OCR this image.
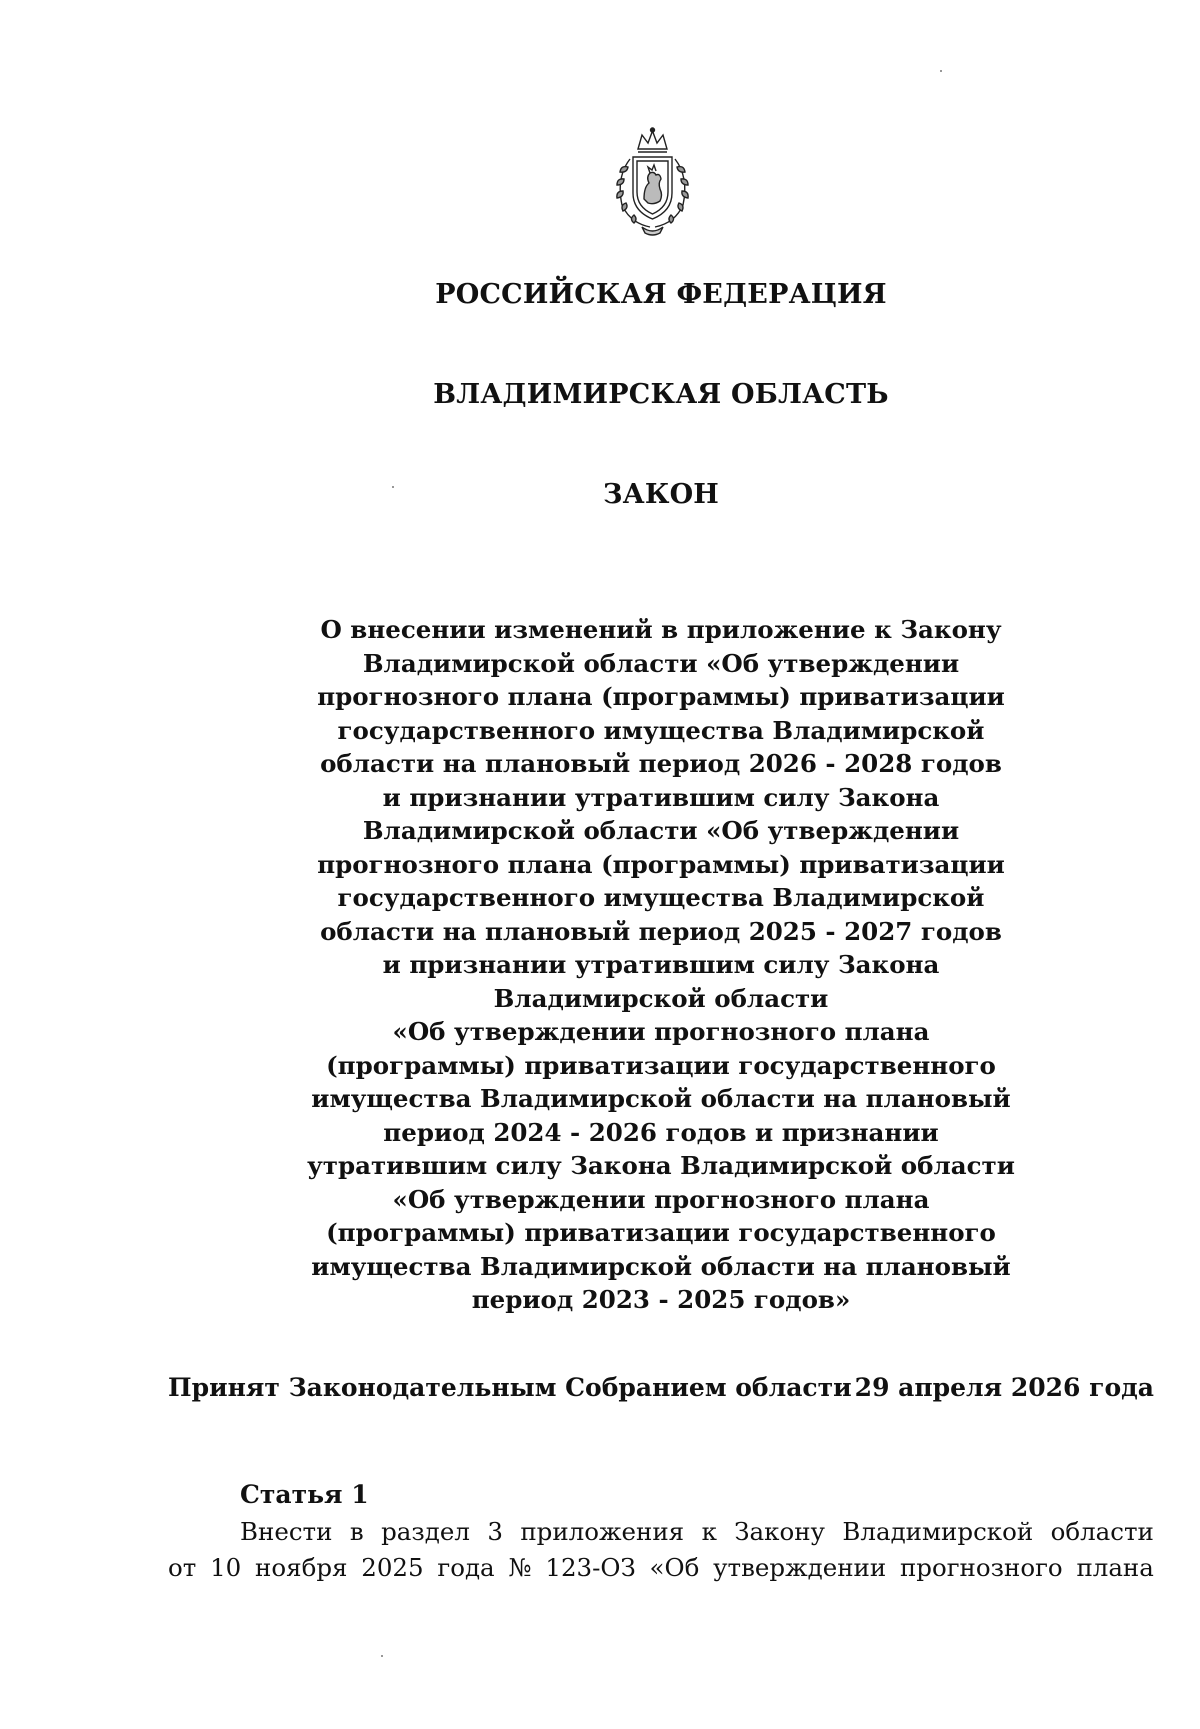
РОССИЙСКАЯ ФЕДЕРАЦИЯ
ВЛАДИМИРСКАЯ ОБЛАСТЬ
ЗАКОН
О внесении изменений в приложение к Закону
Владимирской области «Об утверждении
прогнозного плана (программы) приватизации
государственного имущества Владимирской
области на плановый период 2026 - 2028 годов
и признании утратившим силу Закона
Владимирской области «Об утверждении
прогнозного плана (программы) приватизации
государственного имущества Владимирской
области на плановый период 2025 - 2027 годов
и признании утратившим силу Закона
Владимирской области
«Об утверждении прогнозного плана
(программы) приватизации государственного
имущества Владимирской области на плановый
период 2024 - 2026 годов и признании
утратившим силу Закона Владимирской области
«Об утверждении прогнозного плана
(программы) приватизации государственного
имущества Владимирской области на плановый
период 2023 - 2025 годов»
Принят Законодательным Собранием области 29 апреля 2026 года
Статья 1
Внести в раздел 3 приложения к Закону Владимирской области
от 10 ноября 2025 года № 123-ОЗ «Об утверждении прогнозного плана
